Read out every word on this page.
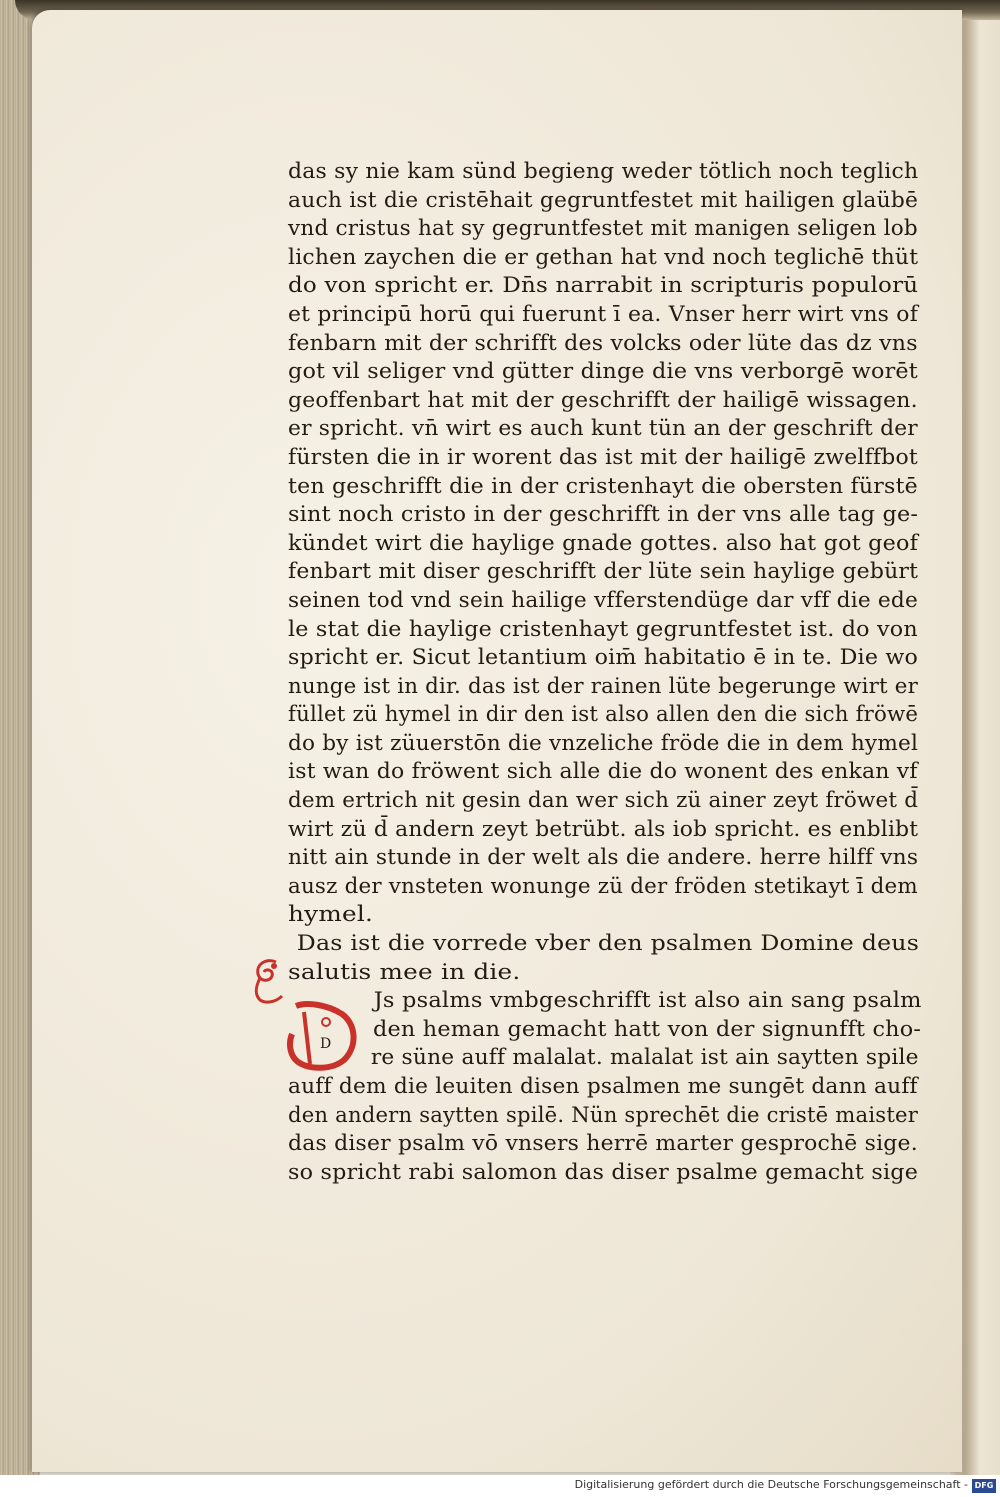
das sy nie kam sünd begieng weder tötlich noch teglich
auch ist die cristēhait gegruntfestet mit hailigen glaübē
vnd cristus hat sy gegruntfestet mit manigen seligen lob
lichen zaychen die er gethan hat vnd noch teglichē thüt
do von spricht er. Dn̄s narrabit in scripturis populorū
et principū horū qui fuerunt ī ea. Vnser herr wirt vns of
fenbarn mit der schrifft des volcks oder lüte das dz vns
got vil seliger vnd gütter dinge die vns verborgē worēt
geoffenbart hat mit der geschrifft der hailigē wissagen.
er spricht. vn̄ wirt es auch kunt tün an der geschrift der
fürsten die in ir worent das ist mit der hailigē zwelffbot
ten geschrifft die in der cristenhayt die obersten fürstē
sint noch cristo in der geschrifft in der vns alle tag ge-
kündet wirt die haylige gnade gottes. also hat got geof
fenbart mit diser geschrifft der lüte sein haylige gebürt
seinen tod vnd sein hailige vfferstendüge dar vff die ede
le stat die haylige cristenhayt gegruntfestet ist. do von
spricht er. Sicut letantium oim̄ habitatio ē in te. Die wo
nunge ist in dir. das ist der rainen lüte begerunge wirt er
füllet zü hymel in dir den ist also allen den die sich fröwē
do by ist züuerstōn die vnzeliche fröde die in dem hymel
ist wan do fröwent sich alle die do wonent des enkan vf
dem ertrich nit gesin dan wer sich zü ainer zeyt fröwet d̄
wirt zü d̄ andern zeyt betrübt. als iob spricht. es enblibt
nitt ain stunde in der welt als die andere. herre hilff vns
ausz der vnsteten wonunge zü der fröden stetikayt ī dem
hymel.
Das ist die vorrede vber den psalmen Domine deus
salutis mee in die.
Js psalms vmbgeschrifft ist also ain sang psalm
den heman gemacht hatt von der signunfft cho-
re süne auff malalat. malalat ist ain saytten spile
auff dem die leuiten disen psalmen me sungēt dann auff
den andern saytten spilē. Nün sprechēt die cristē maister
das diser psalm vō vnsers herrē marter gesprochē sige.
so spricht rabi salomon das diser psalme gemacht sige
D
Digitalisierung gefördert durch die Deutsche Forschungsgemeinschaft - DFG
